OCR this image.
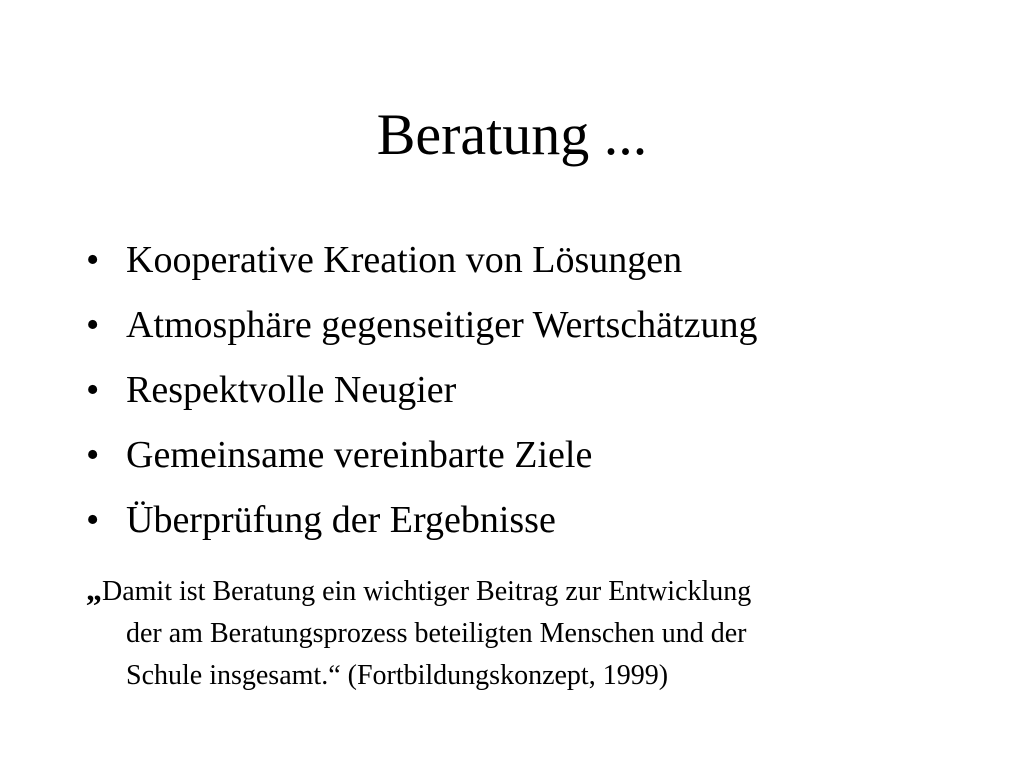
Beratung ...
• Kooperative Kreation von Lösungen
• Atmosphäre gegenseitiger Wertschätzung
• Respektvolle Neugier
• Gemeinsame vereinbarte Ziele
• Überprüfung der Ergebnisse

„Damit ist Beratung ein wichtiger Beitrag zur Entwicklung
der am Beratungsprozess beteiligten Menschen und der
Schule insgesamt.“ (Fortbildungskonzept, 1999)
